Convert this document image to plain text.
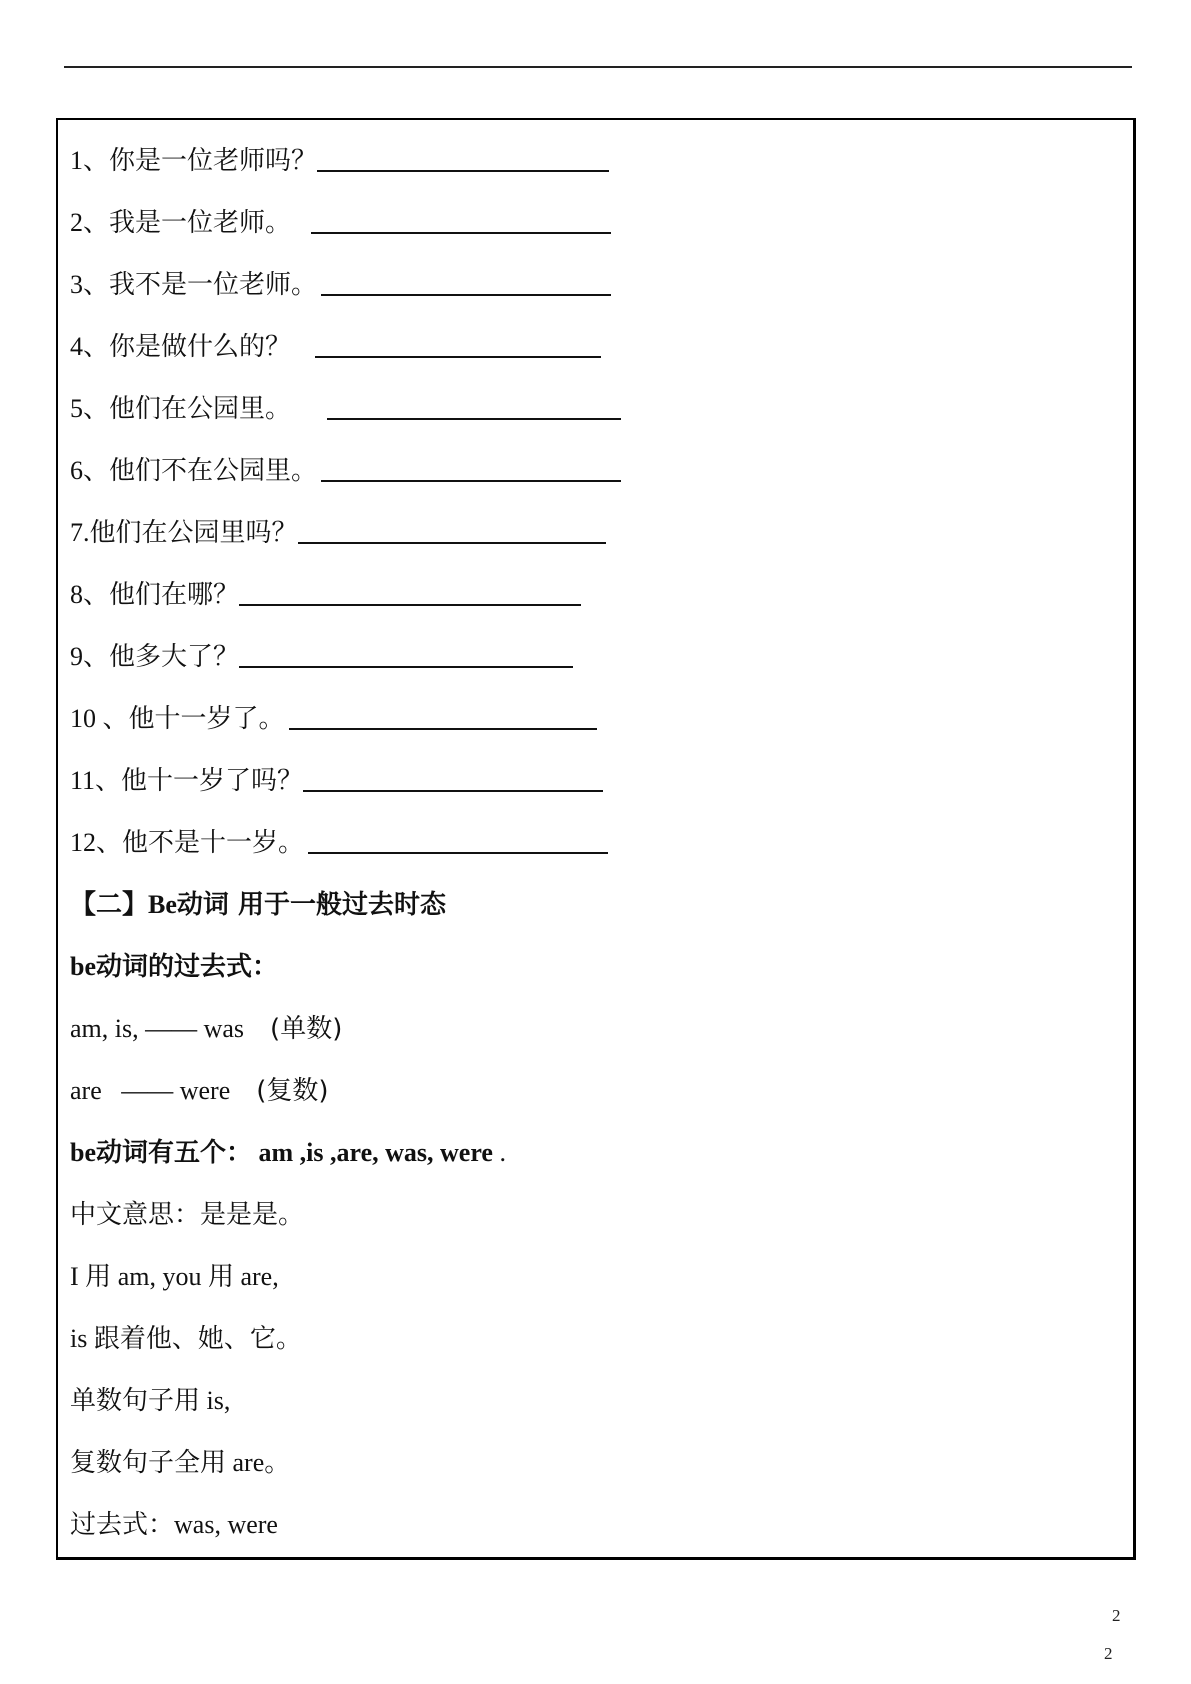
1、 你是一位老师吗？
2、 我是一位老师。
3、 我不是一位老师。
4、 你是做什么的？
5、 他们在公园里。
6、 他们不在公园里。
7. 他们在公园里吗？
8、 他们在哪？
9、 他多大了？
10 、 他十一岁了。
11、 他十一岁了吗？
12、 他不是十一岁。
【二】 Be 动词 用于一般过去时态
be 动词的过去式：
am, is, —— was (单数)
are   —— were (复数)
be 动词有五个： am ,is ,are, was, were .
中文意思：是是是。
I 用 am, you 用 are,
is 跟着他、她、它。
单数句子用 is,
复数句子全用 are。
过去式： was, were
2
2
